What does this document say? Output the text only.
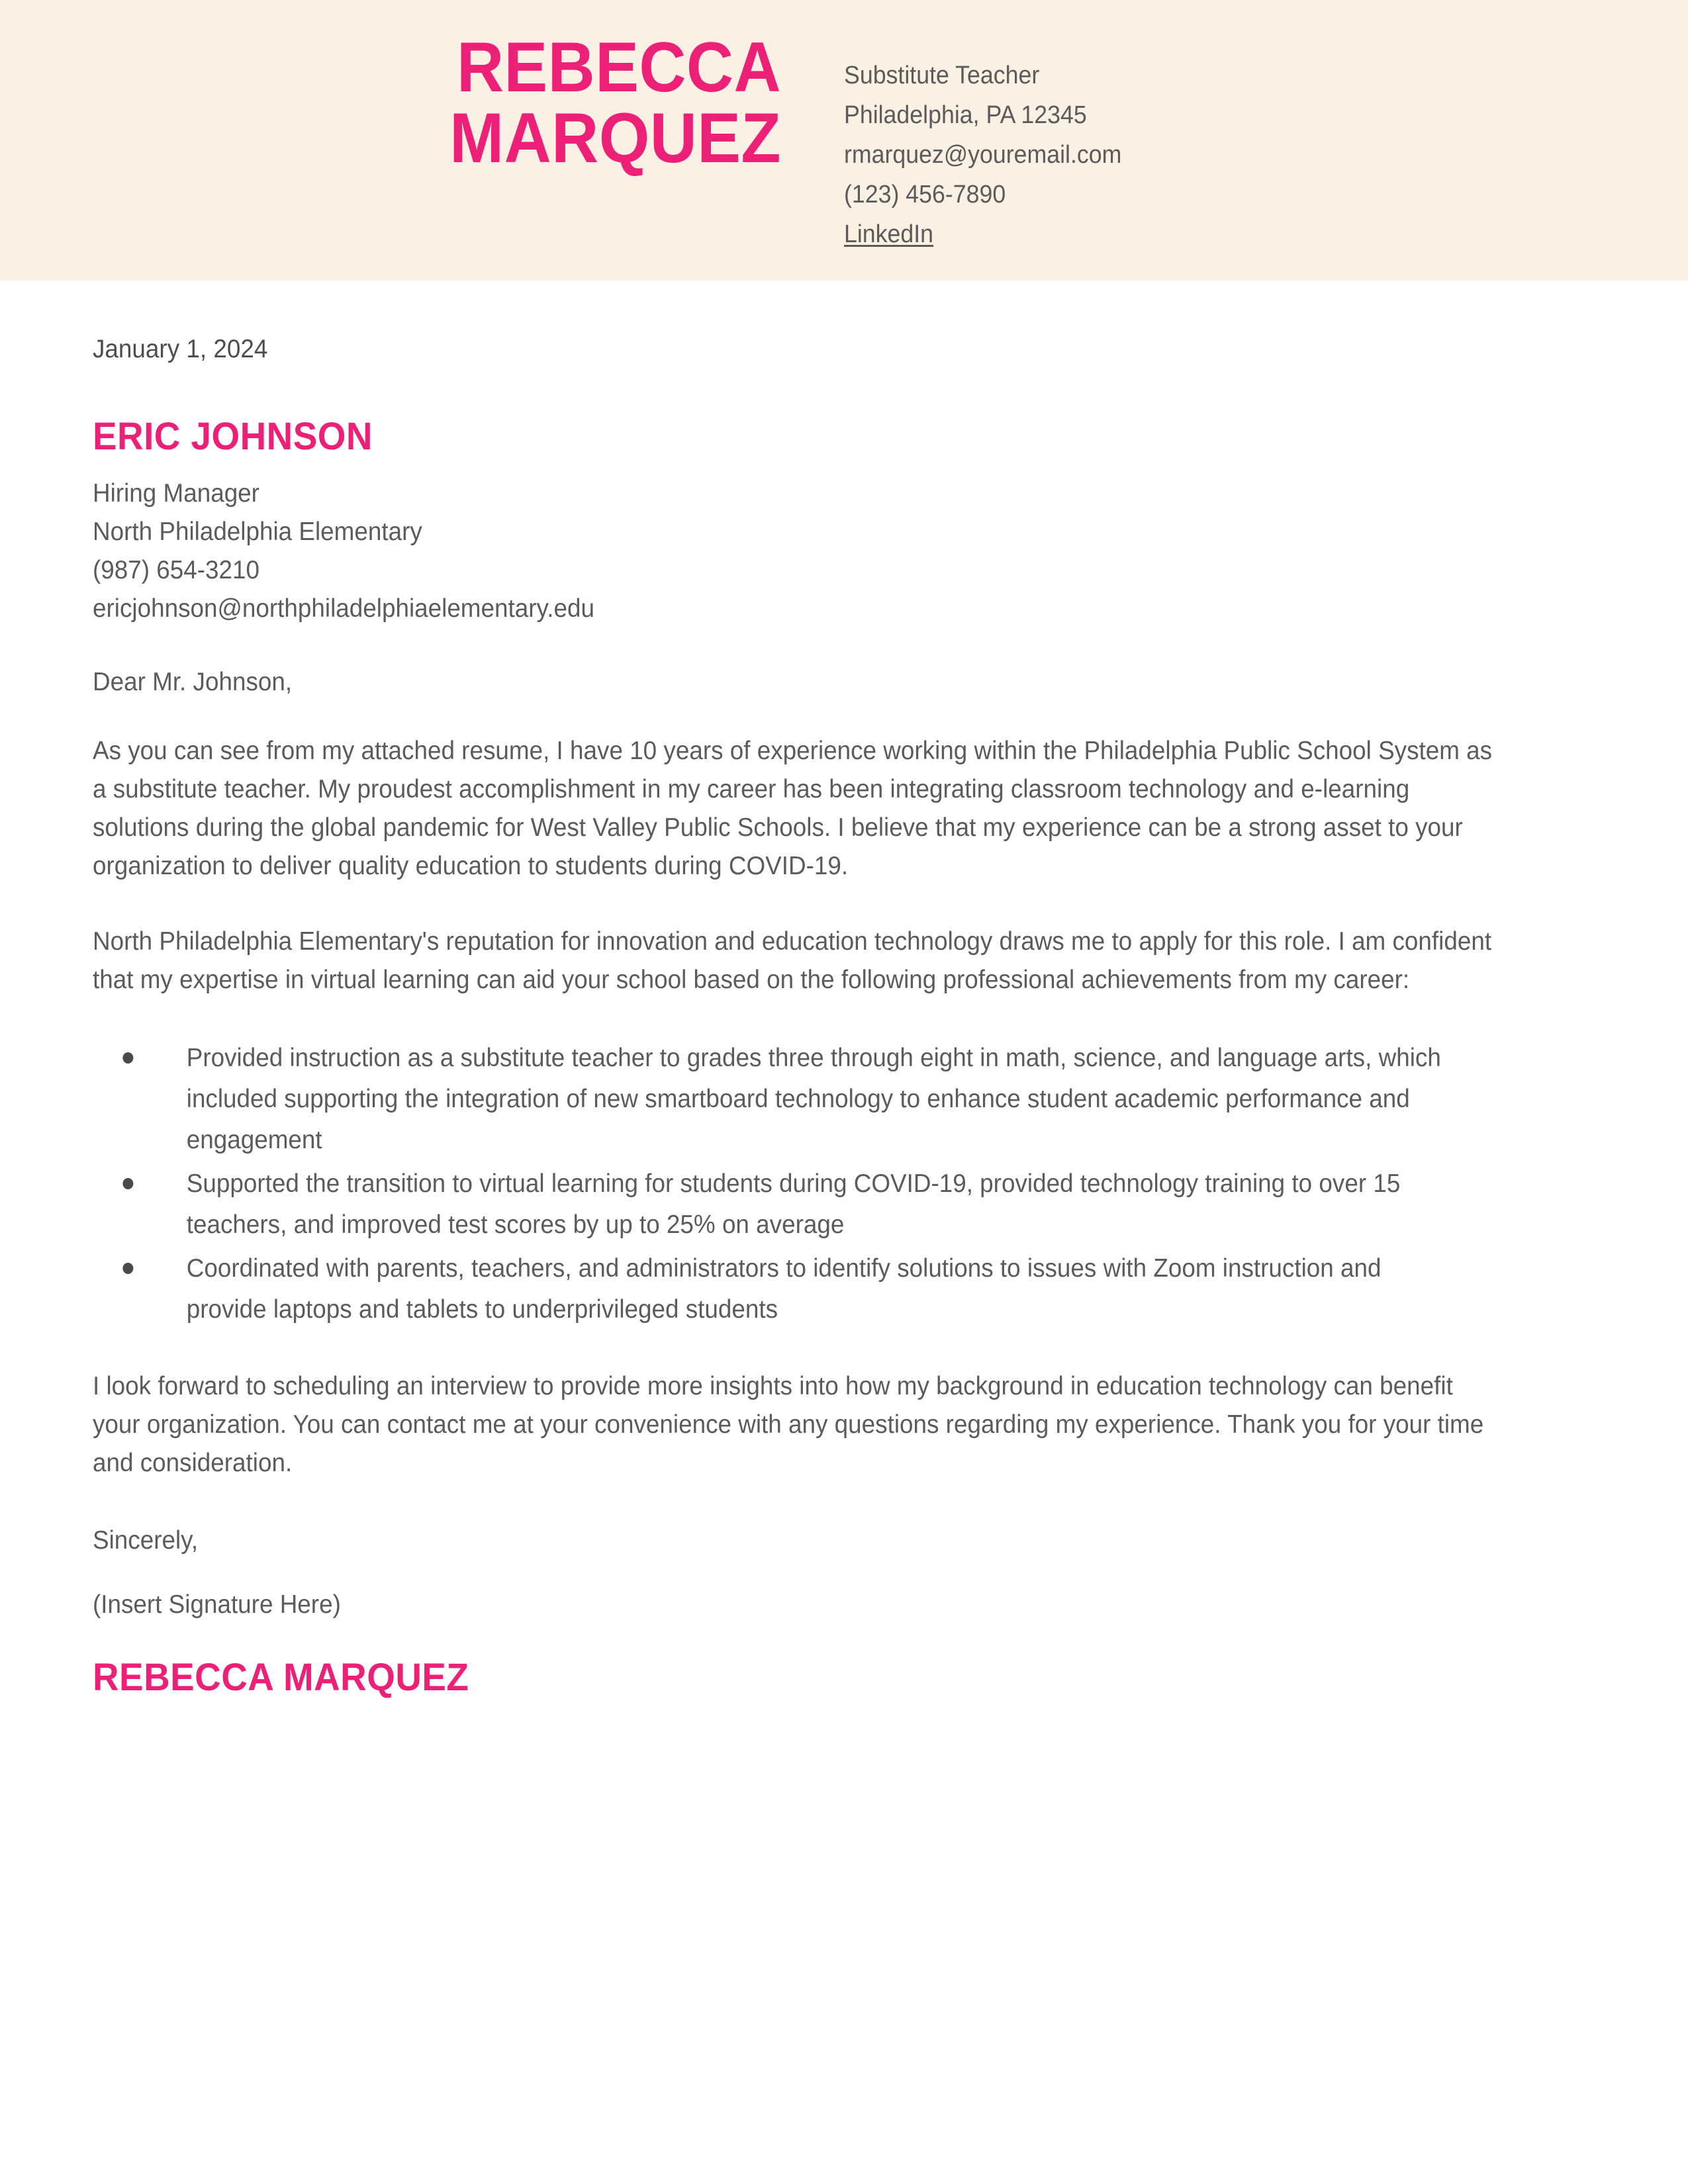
REBECCA
MARQUEZ
Substitute Teacher
Philadelphia, PA 12345
rmarquez@youremail.com
(123) 456-7890
LinkedIn
January 1, 2024
ERIC JOHNSON
Hiring Manager
North Philadelphia Elementary
(987) 654-3210
ericjohnson@northphiladelphiaelementary.edu
Dear Mr. Johnson,

As you can see from my attached resume, I have 10 years of experience working within the Philadelphia Public School System as a substitute teacher. My proudest accomplishment in my career has been integrating classroom technology and e-learning solutions during the global pandemic for West Valley Public Schools. I believe that my experience can be a strong asset to your organization to deliver quality education to students during COVID-19.

North Philadelphia Elementary's reputation for innovation and education technology draws me to apply for this role. I am confident that my expertise in virtual learning can aid your school based on the following professional achievements from my career:

Provided instruction as a substitute teacher to grades three through eight in math, science, and language arts, which included supporting the integration of new smartboard technology to enhance student academic performance and engagement
Supported the transition to virtual learning for students during COVID-19, provided technology training to over 15 teachers, and improved test scores by up to 25% on average
Coordinated with parents, teachers, and administrators to identify solutions to issues with Zoom instruction and provide laptops and tablets to underprivileged students

I look forward to scheduling an interview to provide more insights into how my background in education technology can benefit your organization. You can contact me at your convenience with any questions regarding my experience. Thank you for your time and consideration.

Sincerely,
(Insert Signature Here)
REBECCA MARQUEZ
